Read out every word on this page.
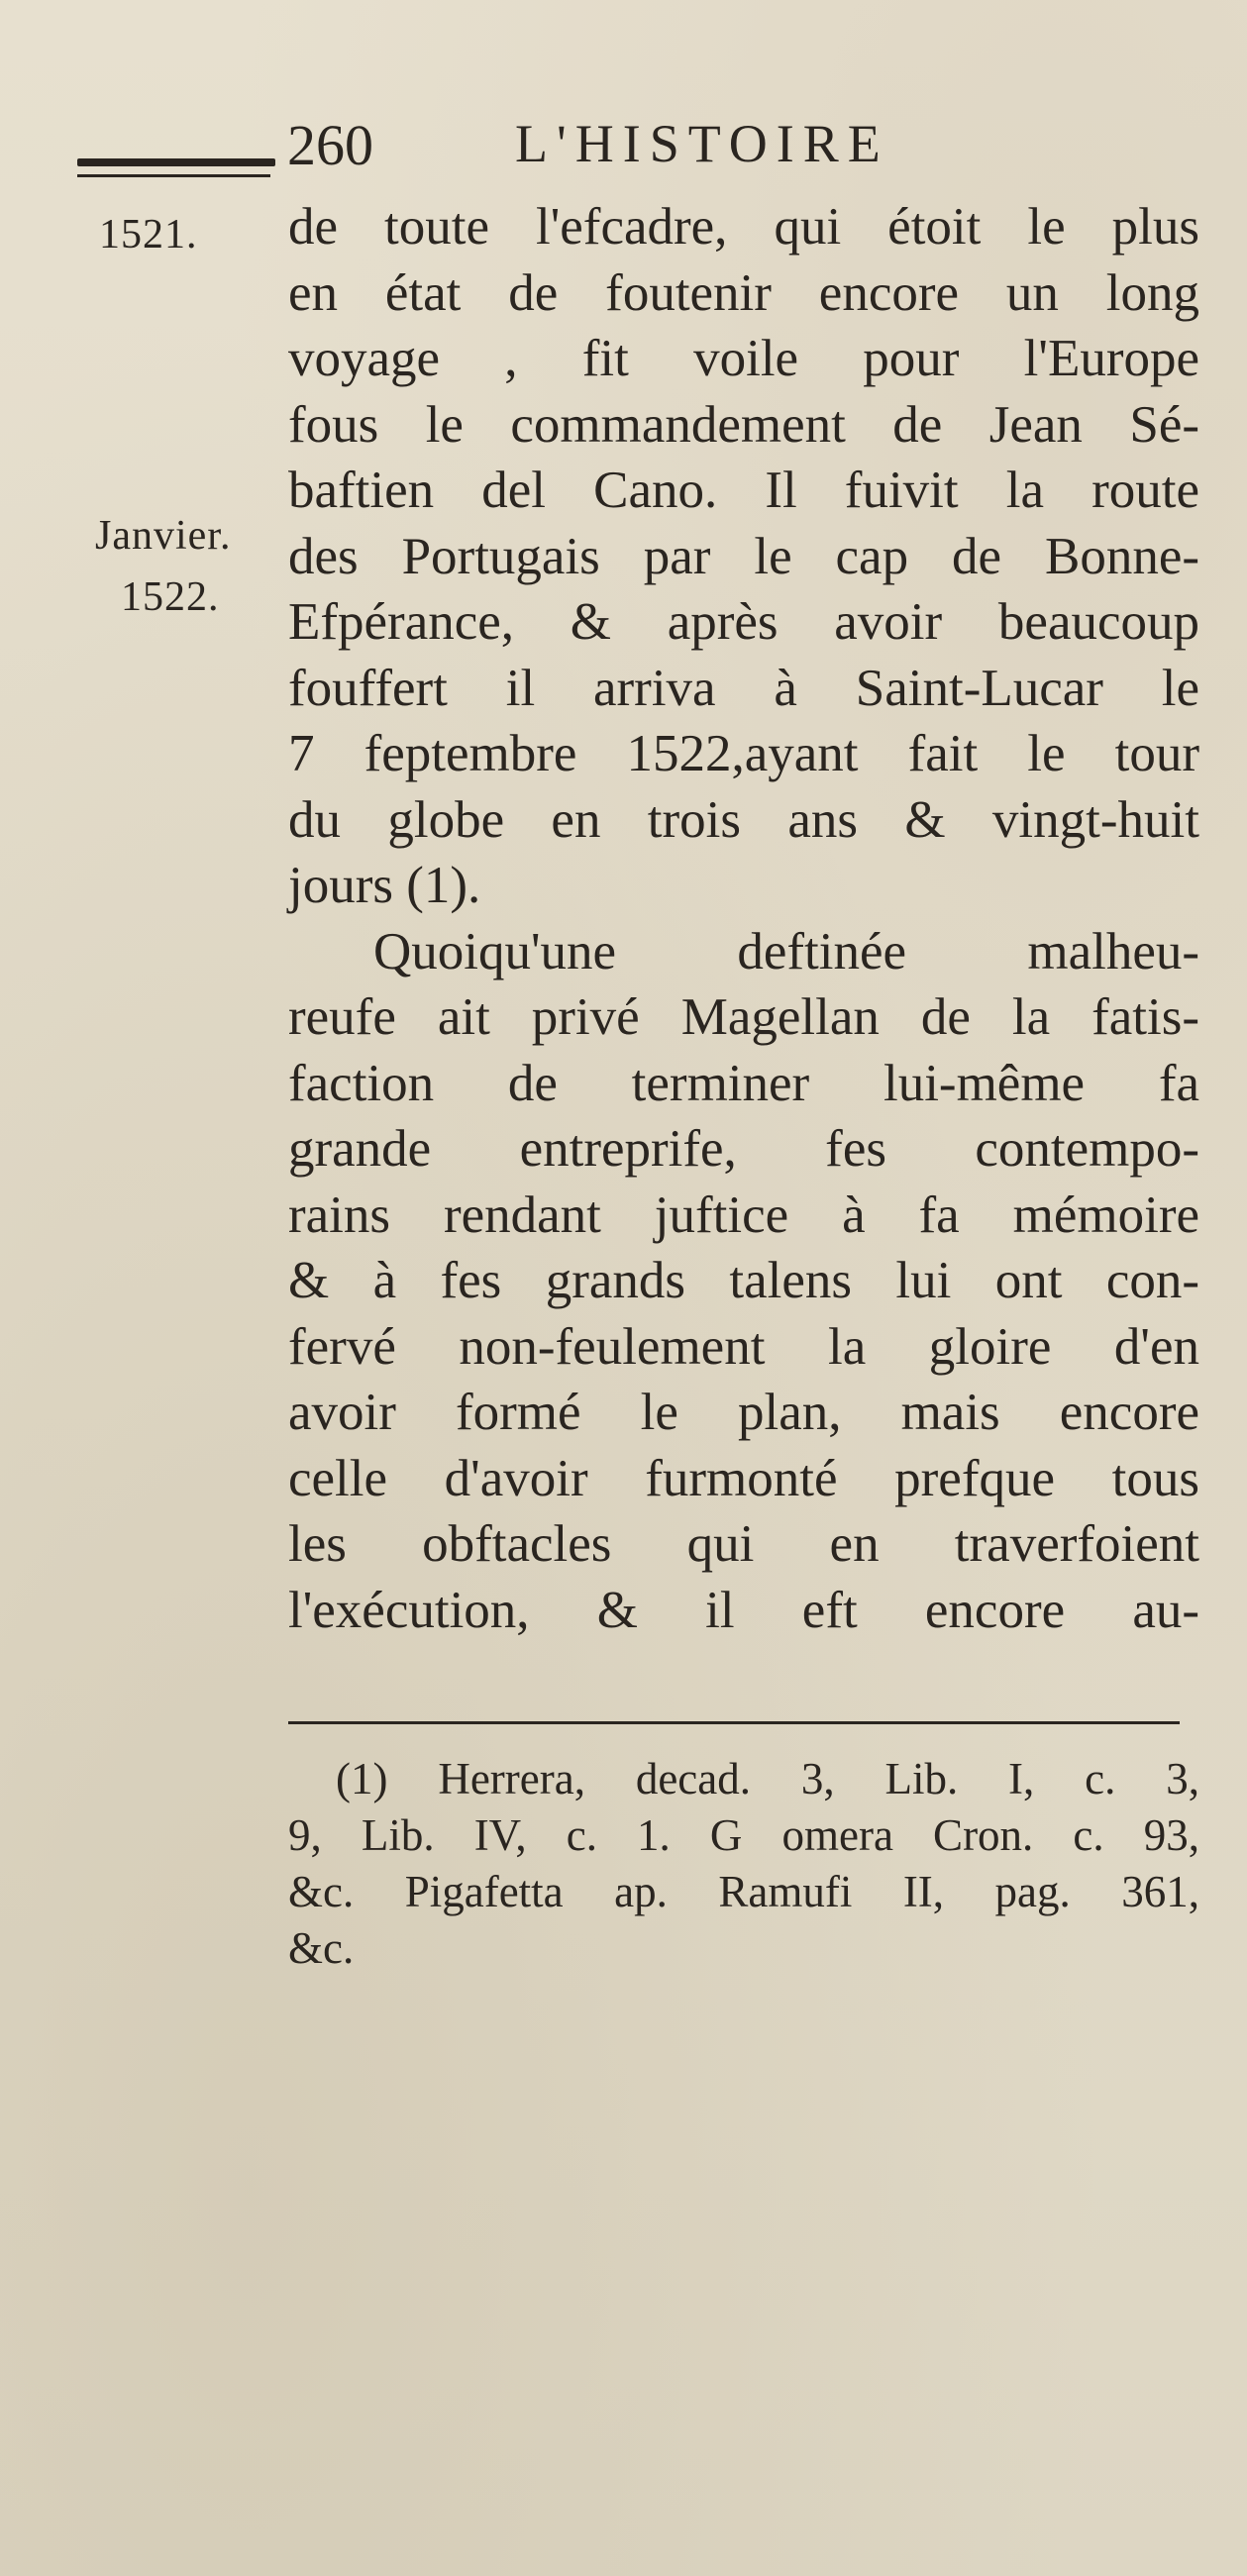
260	L'HISTOIRE
1521.
Janvier.
1522.
de toute l'efcadre, qui étoit le plus
en état de foutenir encore un long
voyage , fit voile pour l'Europe
fous le commandement de Jean Sé-
baftien del Cano. Il fuivit la route
des Portugais par le cap de Bonne-
Efpérance, & après avoir beaucoup
fouffert il arriva à Saint-Lucar le
7 feptembre 1522,ayant fait le tour
du globe en trois ans & vingt-huit
jours (1).
Quoiqu'une deftinée malheu-
reufe ait privé Magellan de la fatis-
faction de terminer lui-même fa
grande entreprife, fes contempo-
rains rendant juftice à fa mémoire
& à fes grands talens lui ont con-
fervé non-feulement la gloire d'en
avoir formé le plan, mais encore
celle d'avoir furmonté prefque tous
les obftacles qui en traverfoient
l'exécution, & il eft encore au-
(1) Herrera, decad. 3, Lib. I, c. 3,
9, Lib. IV, c. 1. G omera Cron. c. 93,
&c. Pigafetta ap. Ramufi II, pag. 361,
&c.
